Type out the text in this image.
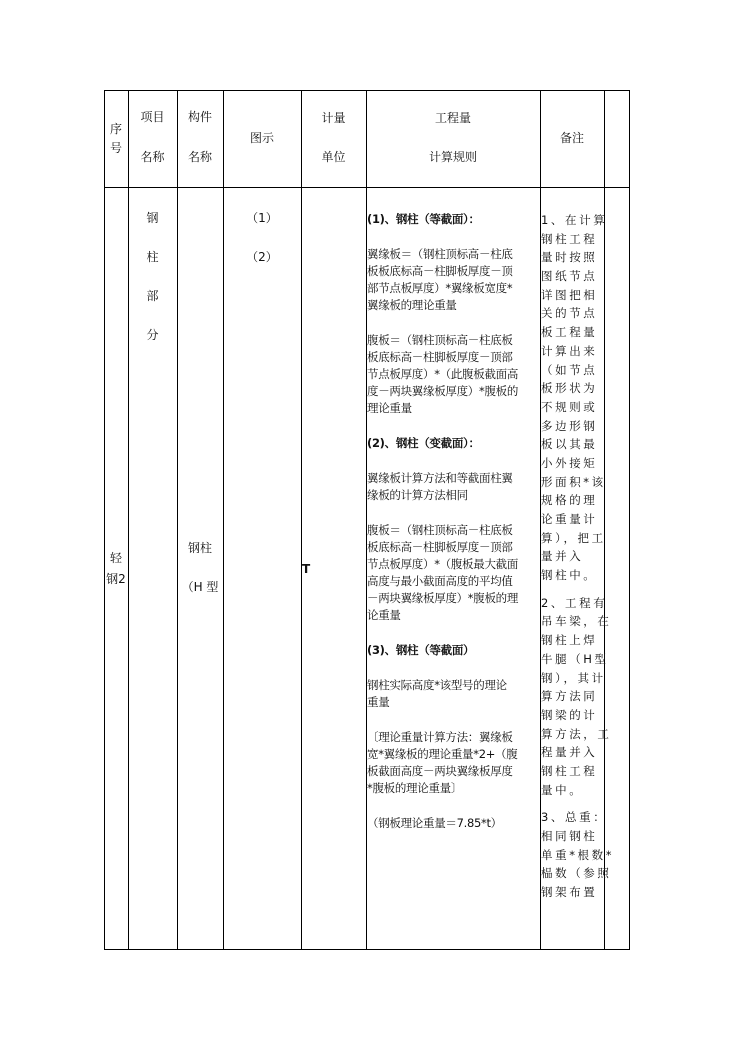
序
号
项目
名称
构件
名称
图示
计量
单位
工程量
计算规则
备注
轻
钢2
钢
柱
部
分
钢柱
（H 型
（1）
（2）
T
(1)、钢柱（等截面）：
翼缘板＝（钢柱顶标高－柱底
板板底标高－柱脚板厚度－顶
部节点板厚度）*翼缘板宽度*
翼缘板的理论重量
腹板＝（钢柱顶标高－柱底板
板底标高－柱脚板厚度－顶部
节点板厚度）*（此腹板截面高
度－两块翼缘板厚度）*腹板的
理论重量
(2)、钢柱（变截面）：
翼缘板计算方法和等截面柱翼
缘板的计算方法相同
腹板＝（钢柱顶标高－柱底板
板底标高－柱脚板厚度－顶部
节点板厚度）*（腹板最大截面
高度与最小截面高度的平均值
－两块翼缘板厚度）*腹板的理
论重量
(3)、钢柱（等截面）
钢柱实际高度*该型号的理论
重量
〔理论重量计算方法：翼缘板
宽*翼缘板的理论重量*2+（腹
板截面高度－两块翼缘板厚度
*腹板的理论重量〕
（钢板理论重量＝7.85*t）
1、在计算
钢柱工程
量时按照
图纸节点
详图把相
关的节点
板工程量
计算出来
（如节点
板形状为
不规则或
多边形钢
板以其最
小外接矩
形面积*该
规格的理
论重量计
算），把工
量并入
钢柱中。
2、工程有
吊车梁，在
钢柱上焊
牛腿（H型
钢），其计
算方法同
钢梁的计
算方法，工
程量并入
钢柱工程
量中。
3、总重：
相同钢柱
单重*根数*
榀数（参照
钢架布置
